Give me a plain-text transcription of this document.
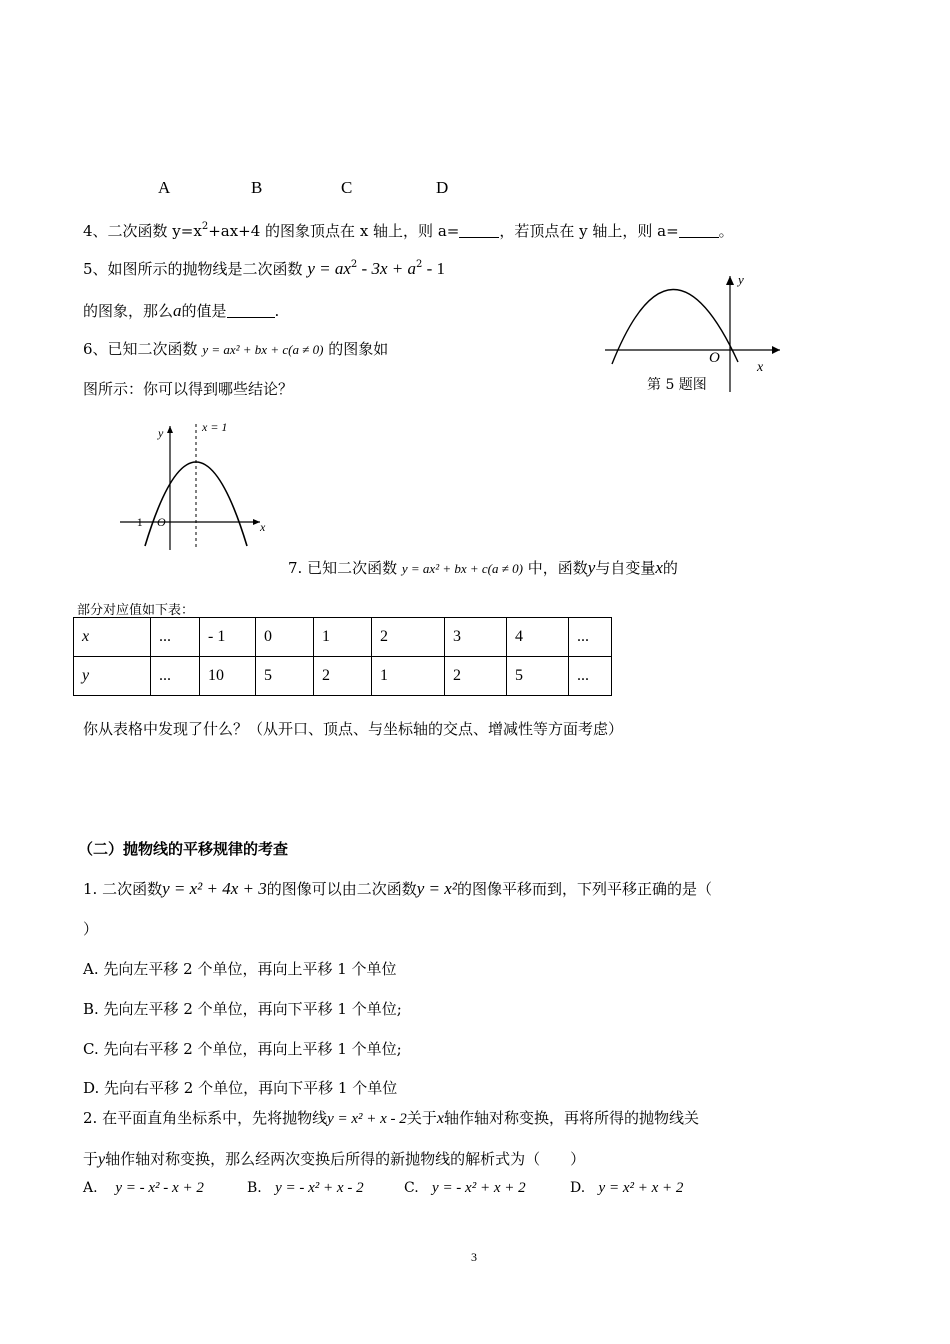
A	B	C	D
4、二次函数 $y=x^2+ax+4$ 的图象顶点在 x 轴上，则 a=	，若顶点在 y 轴上，则 a=	。
5、如图所示的抛物线是二次函数 $y = ax^2 - 3x + a^2 - 1$
的图象，那么a的值是	.
y
x
O
第 5 题图
6、已知二次函数 y = ax² + bx + c(a ≠ 0) 的图象如
图所示：你可以得到哪些结论？
x = 1
y
x
O
−1
7. 已知二次函数 y = ax² + bx + c(a ≠ 0) 中，函数y与自变量x的
部分对应值如下表：
x	...	- 1	0	1	2	3	4	...
y	...	10	5	2	1	2	5	...
你从表格中发现了什么？（从开口、顶点、与坐标轴的交点、增减性等方面考虑）
（二）抛物线的平移规律的考查
1. 二次函数y = x² + 4x + 3的图像可以由二次函数y = x²的图像平移而到，下列平移正确的是（
）
A. 先向左平移 2 个单位，再向上平移 1 个单位
B. 先向左平移 2 个单位，再向下平移 1 个单位;
C. 先向右平移 2 个单位，再向上平移 1 个单位;
D. 先向右平移 2 个单位，再向下平移 1 个单位
2. 在平面直角坐标系中，先将抛物线y = x² + x - 2关于x轴作轴对称变换，再将所得的抛物线关
于y轴作轴对称变换，那么经两次变换后所得的新抛物线的解析式为（　　）
A. y = - x² - x + 2	B. y = - x² + x - 2	C. y = - x² + x + 2	D. y = x² + x + 2
3
